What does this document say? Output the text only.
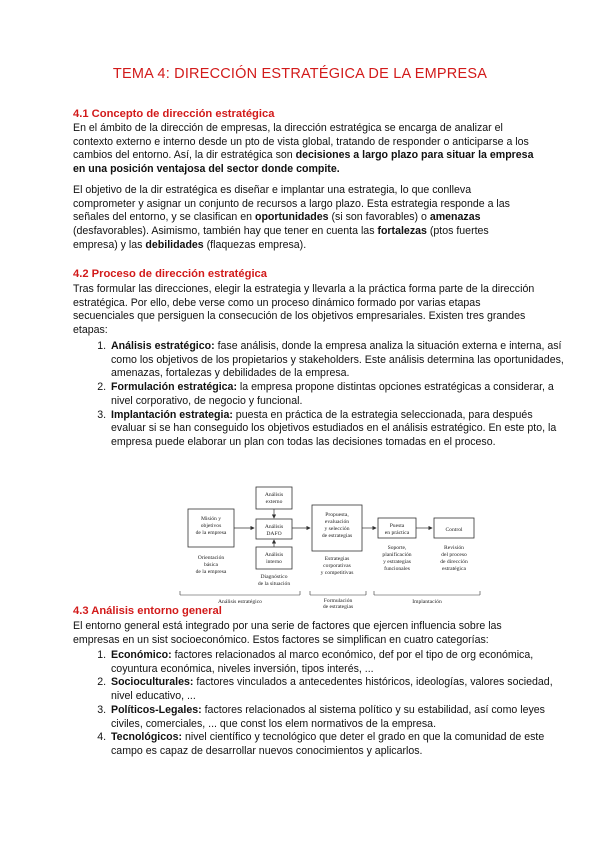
TEMA 4: DIRECCIÓN ESTRATÉGICA DE LA EMPRESA
4.1 Concepto de dirección estratégica
En el ámbito de la dirección de empresas, la dirección estratégica se encarga de analizar el contexto externo e interno desde un pto de vista global, tratando de responder o anticiparse a los cambios del entorno. Así, la dir estratégica son decisiones a largo plazo para situar la empresa en una posición ventajosa del sector donde compite.
El objetivo de la dir estratégica es diseñar e implantar una estrategia, lo que conlleva comprometer y asignar un conjunto de recursos a largo plazo. Esta estrategia responde a las señales del entorno, y se clasifican en oportunidades (si son favorables) o amenazas (desfavorables). Asimismo, también hay que tener en cuenta las fortalezas (ptos fuertes empresa) y las debilidades (flaquezas empresa).
4.2 Proceso de dirección estratégica
Tras formular las direcciones, elegir la estrategia y llevarla a la práctica forma parte de la dirección estratégica. Por ello, debe verse como un proceso dinámico formado por varias etapas secuenciales que persiguen la consecución de los objetivos empresariales. Existen tres grandes etapas:
1. Análisis estratégico: fase análisis, donde la empresa analiza la situación externa e interna, así como los objetivos de los propietarios y stakeholders. Este análisis determina las oportunidades, amenazas, fortalezas y debilidades de la empresa.
2. Formulación estratégica: la empresa propone distintas opciones estratégicas a considerar, a nivel corporativo, de negocio y funcional.
3. Implantación estrategia: puesta en práctica de la estrategia seleccionada, para después evaluar si se han conseguido los objetivos estudiados en el análisis estratégico. En este pto, la empresa puede elaborar un plan con todas las decisiones tomadas en el proceso.
Misión y objetivos de la empresa
Orientación básica de la empresa
Análisis externo
Análisis DAFO
Análisis interno
Diagnóstico de la situación
Propuesta, evaluación y selección de estrategias
Estrategias corporativas y competitivas
Puesta en práctica
Soporte, planificación y estrategias funcionales
Control
Revisión del proceso de dirección estratégica
Análisis estratégico	Formulación de estrategias
Implantación
4.3 Análisis entorno general
El entorno general está integrado por una serie de factores que ejercen influencia sobre las empresas en un sist socioeconómico. Estos factores se simplifican en cuatro categorías:
1. Económico: factores relacionados al marco económico, def por el tipo de org económica, coyuntura económica, niveles inversión, tipos interés, ...
2. Socioculturales: factores vinculados a antecedentes históricos, ideologías, valores sociedad, nivel educativo, ...
3. Políticos-Legales: factores relacionados al sistema político y su estabilidad, así como leyes civiles, comerciales, ... que const los elem normativos de la empresa.
4. Tecnológicos: nivel científico y tecnológico que deter el grado en que la comunidad de este campo es capaz de desarrollar nuevos conocimientos y aplicarlos.
